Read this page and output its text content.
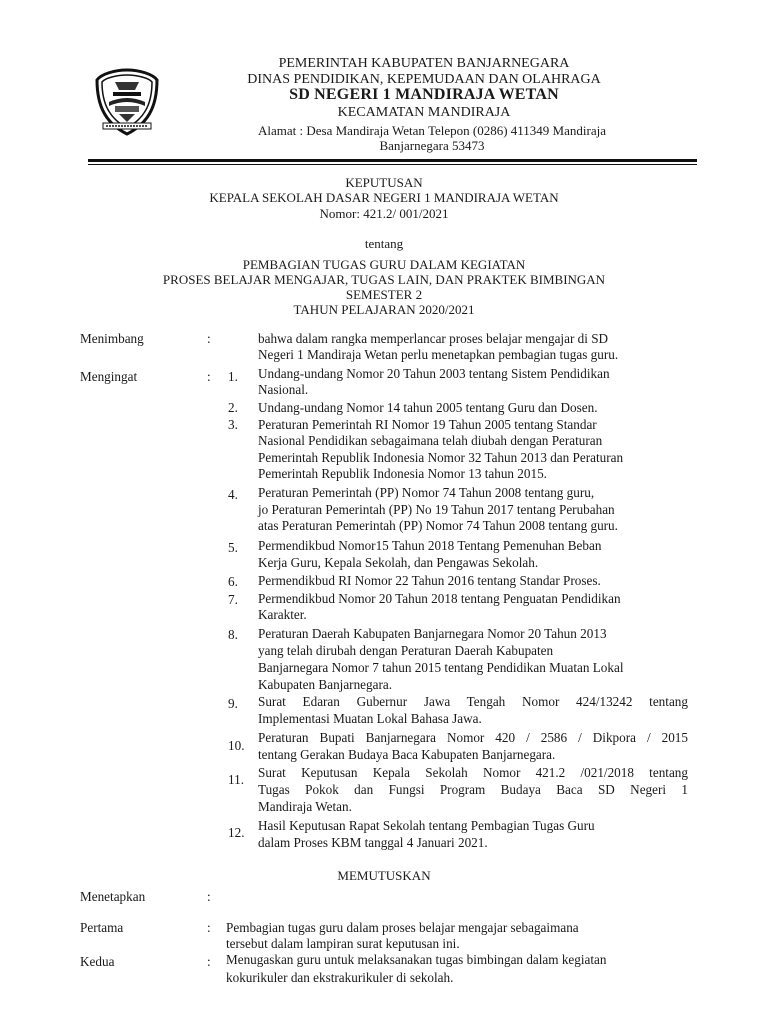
PEMERINTAH KABUPATEN BANJARNEGARA
DINAS PENDIDIKAN, KEPEMUDAAN DAN OLAHRAGA
SD NEGERI 1 MANDIRAJA WETAN
KECAMATAN MANDIRAJA
Alamat : Desa Mandiraja Wetan Telepon (0286) 411349 Mandiraja
Banjarnegara 53473
KEPUTUSAN
KEPALA SEKOLAH DASAR NEGERI 1 MANDIRAJA WETAN
Nomor: 421.2/ 001/2021
tentang
PEMBAGIAN TUGAS GURU DALAM KEGIATAN
PROSES BELAJAR MENGAJAR, TUGAS LAIN, DAN PRAKTEK BIMBINGAN
SEMESTER 2
TAHUN PELAJARAN 2020/2021
Menimbang	:	bahwa dalam rangka memperlancar proses belajar mengajar di SD
Negeri 1 Mandiraja Wetan perlu menetapkan pembagian tugas guru.
Mengingat	: 1. Undang-undang Nomor 20 Tahun 2003 tentang Sistem Pendidikan
Nasional.
2. Undang-undang Nomor 14 tahun 2005 tentang Guru dan Dosen.
3. Peraturan Pemerintah RI Nomor 19 Tahun 2005 tentang Standar
Nasional Pendidikan sebagaimana telah diubah dengan Peraturan
Pemerintah Republik Indonesia Nomor 32 Tahun 2013 dan Peraturan
Pemerintah Republik Indonesia Nomor 13 tahun 2015.
4. Peraturan Pemerintah (PP) Nomor 74 Tahun 2008 tentang guru,
jo Peraturan Pemerintah (PP) No 19 Tahun 2017 tentang Perubahan
atas Peraturan Pemerintah (PP) Nomor 74 Tahun 2008 tentang guru.
5. Permendikbud Nomor15 Tahun 2018 Tentang Pemenuhan Beban
Kerja Guru, Kepala Sekolah, dan Pengawas Sekolah.
6. Permendikbud RI Nomor 22 Tahun 2016 tentang Standar Proses.
7. Permendikbud Nomor 20 Tahun 2018 tentang Penguatan Pendidikan
Karakter.
8. Peraturan Daerah Kabupaten Banjarnegara Nomor 20 Tahun 2013
yang telah dirubah dengan Peraturan Daerah Kabupaten
Banjarnegara Nomor 7 tahun 2015 tentang Pendidikan Muatan Lokal
Kabupaten Banjarnegara.
9. Surat Edaran Gubernur Jawa Tengah Nomor 424/13242 tentang
Implementasi Muatan Lokal Bahasa Jawa.
10.
Peraturan Bupati Banjarnegara Nomor 420 / 2586 / Dikpora / 2015
tentang Gerakan Budaya Baca Kabupaten Banjarnegara.
11. Surat Keputusan Kepala Sekolah Nomor 421.2 /021/2018 tentang
Tugas Pokok dan Fungsi Program Budaya Baca SD Negeri 1
Mandiraja Wetan.
12. Hasil Keputusan Rapat Sekolah tentang Pembagian Tugas Guru
dalam Proses KBM tanggal 4 Januari 2021.
MEMUTUSKAN
Menetapkan	:
Pertama	: Pembagian tugas guru dalam proses belajar mengajar sebagaimana
tersebut dalam lampiran surat keputusan ini.
Kedua	: Menugaskan guru untuk melaksanakan tugas bimbingan dalam kegiatan
kokurikuler dan ekstrakurikuler di sekolah.
